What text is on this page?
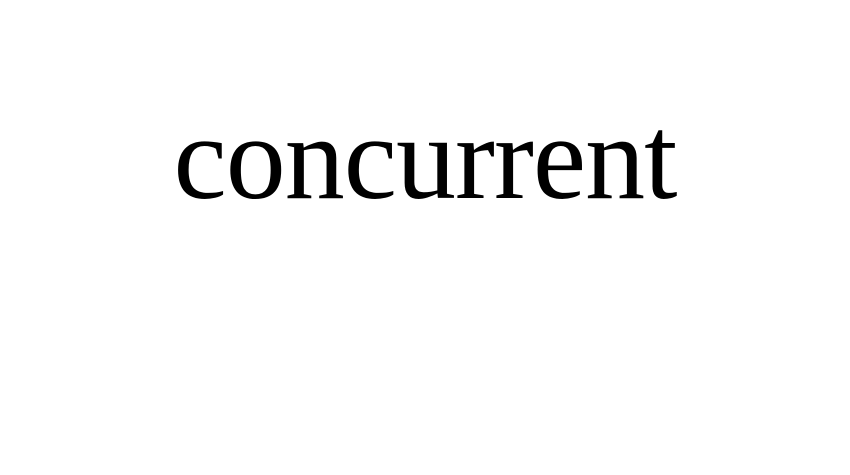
concurrent
